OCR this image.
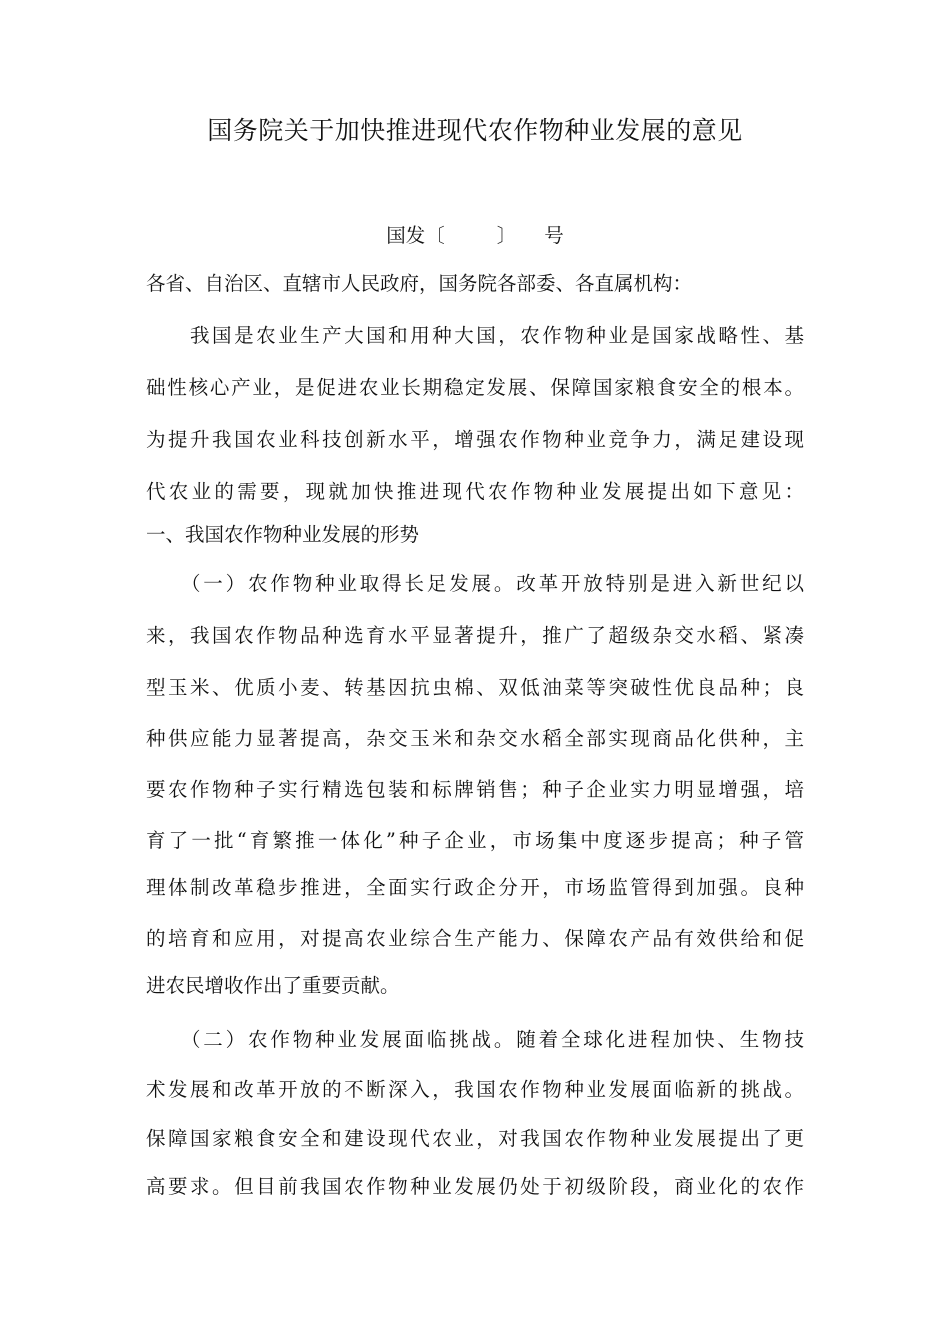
国务院关于加快推进现代农作物种业发展的意见

国发〔	〕 号

各省、自治区、直辖市人民政府，国务院各部委、各直属机构：

　　我国是农业生产大国和用种大国，农作物种业是国家战略性、基

础性核心产业，是促进农业长期稳定发展、保障国家粮食安全的根本。

为提升我国农业科技创新水平，增强农作物种业竞争力，满足建设现

代农业的需要，现就加快推进现代农作物种业发展提出如下意见：

一、我国农作物种业发展的形势

　　（一）农作物种业取得长足发展。改革开放特别是进入新世纪以

来，我国农作物品种选育水平显著提升，推广了超级杂交水稻、紧凑

型玉米、优质小麦、转基因抗虫棉、双低油菜等突破性优良品种；良

种供应能力显著提高，杂交玉米和杂交水稻全部实现商品化供种，主

要农作物种子实行精选包装和标牌销售；种子企业实力明显增强，培

育了一批“育繁推一体化”种子企业，市场集中度逐步提高；种子管

理体制改革稳步推进，全面实行政企分开，市场监管得到加强。良种

的培育和应用，对提高农业综合生产能力、保障农产品有效供给和促

进农民增收作出了重要贡献。

　　（二）农作物种业发展面临挑战。随着全球化进程加快、生物技

术发展和改革开放的不断深入，我国农作物种业发展面临新的挑战。

保障国家粮食安全和建设现代农业，对我国农作物种业发展提出了更

高要求。但目前我国农作物种业发展仍处于初级阶段，商业化的农作
